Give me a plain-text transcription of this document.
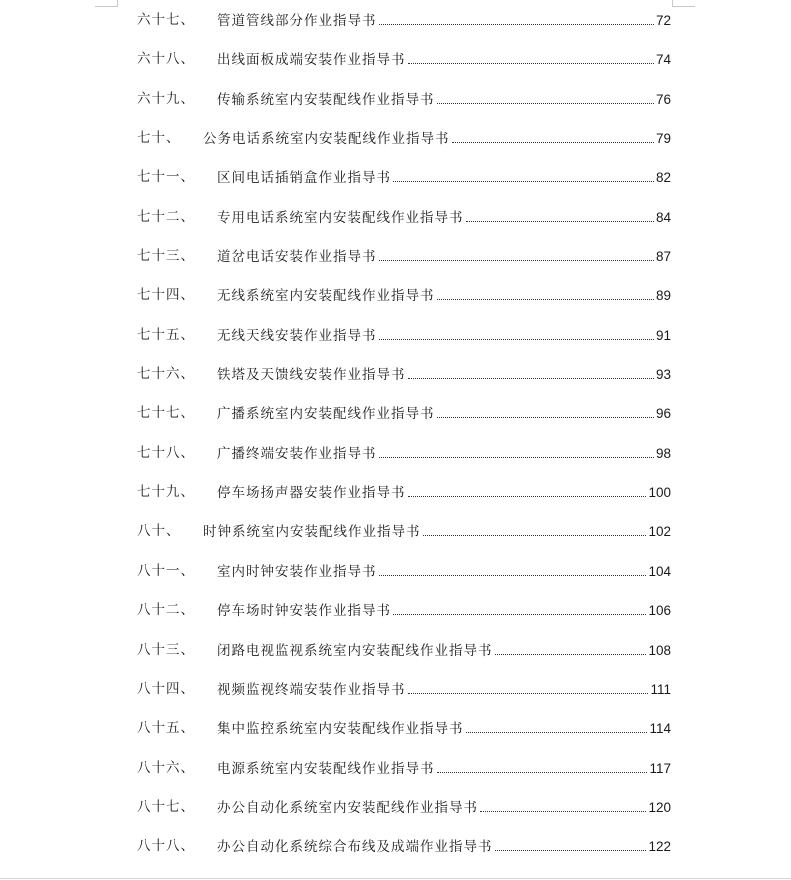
六十七、 管道管线部分作业指导书	72
六十八、 出线面板成端安装作业指导书	74
六十九、 传输系统室内安装配线作业指导书	76
七十、 公务电话系统室内安装配线作业指导书	79
七十一、 区间电话插销盒作业指导书	82
七十二、 专用电话系统室内安装配线作业指导书	84
七十三、 道岔电话安装作业指导书	87
七十四、 无线系统室内安装配线作业指导书	89
七十五、 无线天线安装作业指导书	91
七十六、 铁塔及天馈线安装作业指导书	93
七十七、 广播系统室内安装配线作业指导书	96
七十八、 广播终端安装作业指导书	98
七十九、 停车场扬声器安装作业指导书	100
八十、 时钟系统室内安装配线作业指导书	102
八十一、 室内时钟安装作业指导书	104
八十二、 停车场时钟安装作业指导书	106
八十三、 闭路电视监视系统室内安装配线作业指导书	108
八十四、 视频监视终端安装作业指导书	111
八十五、 集中监控系统室内安装配线作业指导书	114
八十六、 电源系统室内安装配线作业指导书	117
八十七、 办公自动化系统室内安装配线作业指导书	120
八十八、 办公自动化系统综合布线及成端作业指导书	122
